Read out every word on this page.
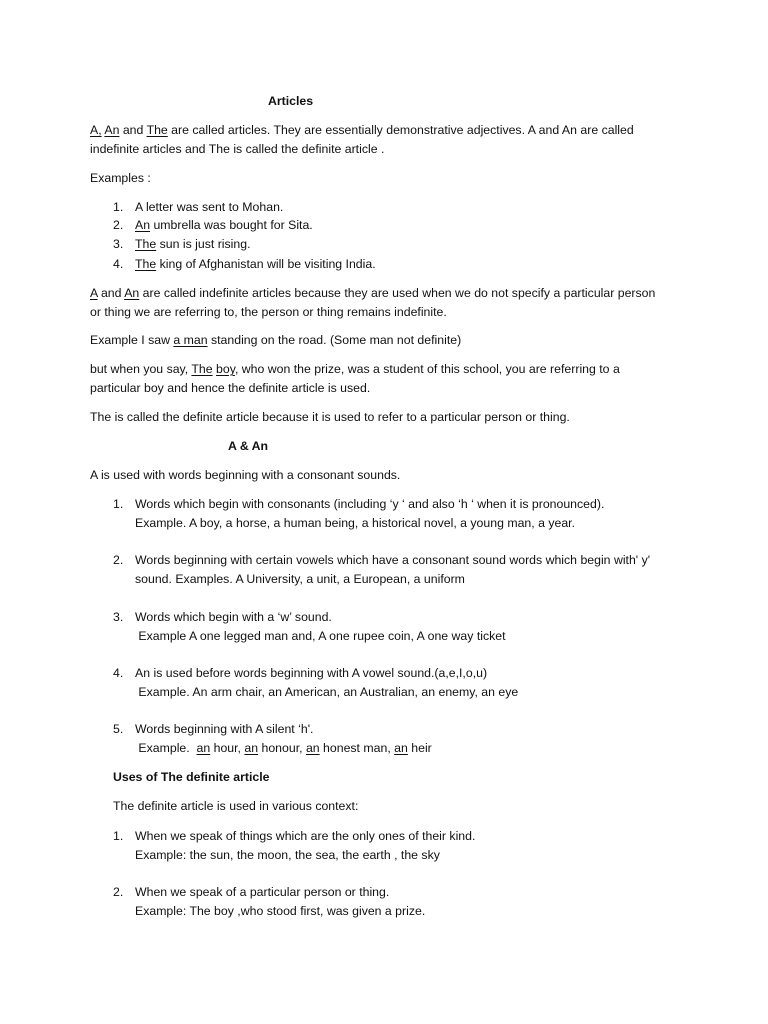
Articles

A, An and The are called articles. They are essentially demonstrative adjectives. A and An are called
indefinite articles and The is called the definite article .

Examples :
1. A letter was sent to Mohan.
2. An umbrella was bought for Sita.
3. The sun is just rising.
4. The king of Afghanistan will be visiting India.

A and An are called indefinite articles because they are used when we do not specify a particular person
or thing we are referring to, the person or thing remains indefinite.

Example I saw a man standing on the road. (Some man not definite)

but when you say, The boy, who won the prize, was a student of this school, you are referring to a
particular boy and hence the definite article is used.

The is called the definite article because it is used to refer to a particular person or thing.

A & An

A is used with words beginning with a consonant sounds.

1. Words which begin with consonants (including ‘y ‘ and also ‘h ‘ when it is pronounced).
Example. A boy, a horse, a human being, a historical novel, a young man, a year.
2. Words beginning with certain vowels which have a consonant sound words which begin with' y'
sound. Examples. A University, a unit, a European, a uniform
3. Words which begin with a ‘w’ sound.
Example A one legged man and, A one rupee coin, A one way ticket
4. An is used before words beginning with A vowel sound.(a,e,I,o,u)
Example. An arm chair, an American, an Australian, an enemy, an eye
5. Words beginning with A silent ‘h'.
Example.  an hour, an honour, an honest man, an heir
Uses of The definite article

The definite article is used in various context:

1. When we speak of things which are the only ones of their kind.
Example: the sun, the moon, the sea, the earth , the sky
2. When we speak of a particular person or thing.
Example: The boy ,who stood first, was given a prize.
